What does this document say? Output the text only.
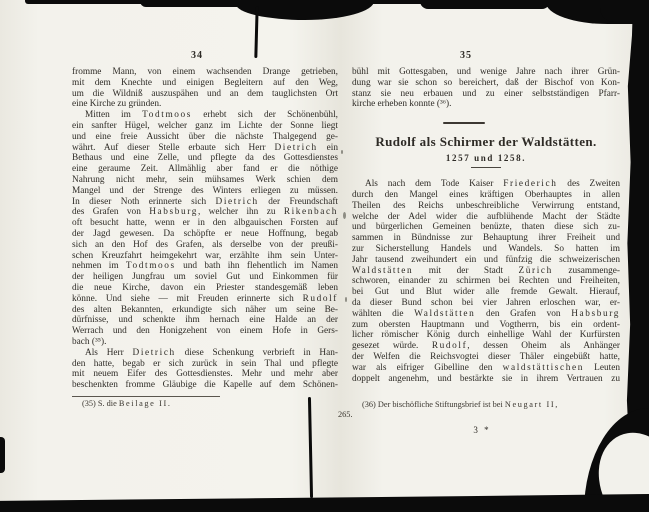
34
fromme Mann, von einem wachsenden Drange getrieben,
mit dem Knechte und einigen Begleitern auf den Weg,
um die Wildniß auszuspähen und an dem tauglichsten Ort
eine Kirche zu gründen.
Mitten im Todtmoos erhebt sich der Schönenbühl,
ein sanfter Hügel, welcher ganz im Lichte der Sonne liegt
und eine freie Aussicht über die nächste Thalgegend ge-
währt. Auf dieser Stelle erbaute sich Herr Dietrich ein
Bethaus und eine Zelle, und pflegte da des Gottesdienstes
eine geraume Zeit. Allmählig aber fand er die nöthige
Nahrung nicht mehr, sein mühsames Werk schien dem
Mangel und der Strenge des Winters erliegen zu müssen.
In dieser Noth erinnerte sich Dietrich der Freundschaft
des Grafen von Habsburg, welcher ihn zu Rikenbach
oft besucht hatte, wenn er in den albgauischen Forsten auf
der Jagd gewesen. Da schöpfte er neue Hoffnung, begab
sich an den Hof des Grafen, als derselbe von der preußi-
schen Kreuzfahrt heimgekehrt war, erzählte ihm sein Unter-
nehmen im Todtmoos und bath ihn flehentlich im Namen
der heiligen Jungfrau um soviel Gut und Einkommen für
die neue Kirche, davon ein Priester standesgemäß leben
könne. Und siehe — mit Freuden erinnerte sich Rudolf
des alten Bekannten, erkundigte sich näher um seine Be-
dürfnisse, und schenkte ihm hernach eine Halde an der
Werrach und den Honigzehent von einem Hofe in Gers-
bach (³⁵).
Als Herr Dietrich diese Schenkung verbrieft in Han-
den hatte, begab er sich zurück in sein Thal und pflegte
mit neuem Eifer des Gottesdienstes. Mehr und mehr aber
beschenkten fromme Gläubige die Kapelle auf dem Schönen-
(35) S. die Beilage II.
35
bühl mit Gottesgaben, und wenige Jahre nach ihrer Grün-
dung war sie schon so bereichert, daß der Bischof von Kon-
stanz sie neu erbauen und zu einer selbstständigen Pfarr-
kirche erheben konnte (³⁶).
Rudolf als Schirmer der Waldstätten.
1257 und 1258.
Als nach dem Tode Kaiser Friederich des Zweiten
durch den Mangel eines kräftigen Oberhauptes in allen
Theilen des Reichs unbeschreibliche Verwirrung entstand,
welche der Adel wider die aufblühende Macht der Städte
und bürgerlichen Gemeinen benüzte, thaten diese sich zu-
sammen in Bündnisse zur Behauptung ihrer Freiheit und
zur Sicherstellung Handels und Wandels. So hatten im
Jahr tausend zweihundert ein und fünfzig die schweizerischen
Waldstätten mit der Stadt Zürich zusammenge-
schworen, einander zu schirmen bei Rechten und Freiheiten,
bei Gut und Blut wider alle fremde Gewalt. Hierauf,
da dieser Bund schon bei vier Jahren erloschen war, er-
wählten die Waldstätten den Grafen von Habsburg
zum obersten Hauptmann und Vogtherrn, bis ein ordent-
licher römischer König durch einhellige Wahl der Kurfürsten
gesezet würde. Rudolf, dessen Oheim als Anhänger
der Welfen die Reichsvogtei dieser Thäler eingebüßt hatte,
war als eifriger Gibelline den waldstättischen Leuten
doppelt angenehm, und bestärkte sie in ihrem Vertrauen zu
(36) Der bischöfliche Stiftungsbrief ist bei Neugart II,
265.
3 *
